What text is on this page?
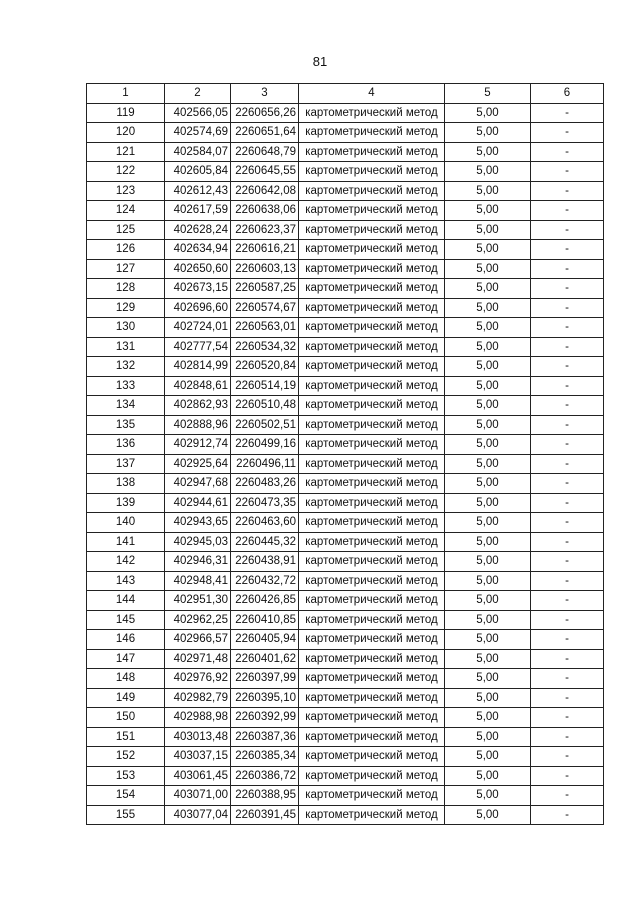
81
1	2	3	4	5	6
119	402566,05	2260656,26	картометрический метод	5,00	-
120	402574,69	2260651,64	картометрический метод	5,00	-
121	402584,07	2260648,79	картометрический метод	5,00	-
122	402605,84	2260645,55	картометрический метод	5,00	-
123	402612,43	2260642,08	картометрический метод	5,00	-
124	402617,59	2260638,06	картометрический метод	5,00	-
125	402628,24	2260623,37	картометрический метод	5,00	-
126	402634,94	2260616,21	картометрический метод	5,00	-
127	402650,60	2260603,13	картометрический метод	5,00	-
128	402673,15	2260587,25	картометрический метод	5,00	-
129	402696,60	2260574,67	картометрический метод	5,00	-
130	402724,01	2260563,01	картометрический метод	5,00	-
131	402777,54	2260534,32	картометрический метод	5,00	-
132	402814,99	2260520,84	картометрический метод	5,00	-
133	402848,61	2260514,19	картометрический метод	5,00	-
134	402862,93	2260510,48	картометрический метод	5,00	-
135	402888,96	2260502,51	картометрический метод	5,00	-
136	402912,74	2260499,16	картометрический метод	5,00	-
137	402925,64	2260496,11	картометрический метод	5,00	-
138	402947,68	2260483,26	картометрический метод	5,00	-
139	402944,61	2260473,35	картометрический метод	5,00	-
140	402943,65	2260463,60	картометрический метод	5,00	-
141	402945,03	2260445,32	картометрический метод	5,00	-
142	402946,31	2260438,91	картометрический метод	5,00	-
143	402948,41	2260432,72	картометрический метод	5,00	-
144	402951,30	2260426,85	картометрический метод	5,00	-
145	402962,25	2260410,85	картометрический метод	5,00	-
146	402966,57	2260405,94	картометрический метод	5,00	-
147	402971,48	2260401,62	картометрический метод	5,00	-
148	402976,92	2260397,99	картометрический метод	5,00	-
149	402982,79	2260395,10	картометрический метод	5,00	-
150	402988,98	2260392,99	картометрический метод	5,00	-
151	403013,48	2260387,36	картометрический метод	5,00	-
152	403037,15	2260385,34	картометрический метод	5,00	-
153	403061,45	2260386,72	картометрический метод	5,00	-
154	403071,00	2260388,95	картометрический метод	5,00	-
155	403077,04	2260391,45	картометрический метод	5,00	-
